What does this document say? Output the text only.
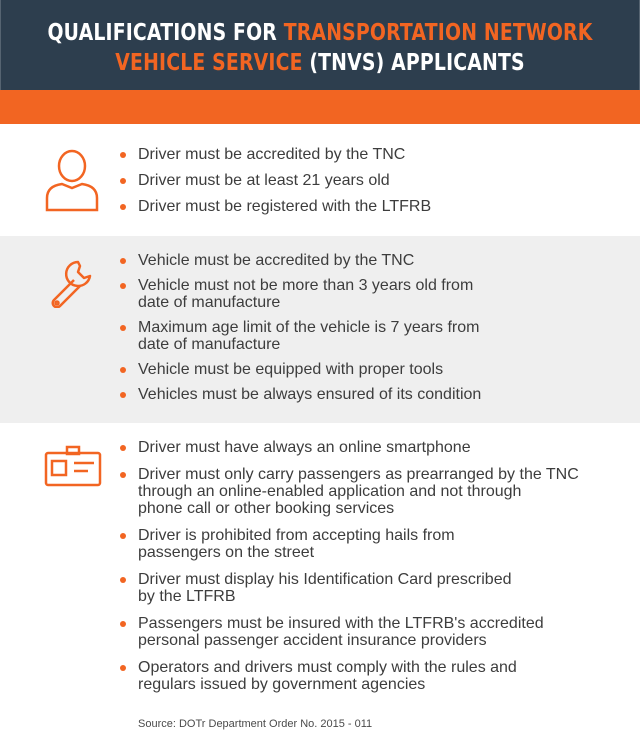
QUALIFICATIONS FOR TRANSPORTATION NETWORK
VEHICLE SERVICE (TNVS) APPLICANTS
Driver must be accredited by the TNC
Driver must be at least 21 years old
Driver must be registered with the LTFRB
Vehicle must be accredited by the TNC
Vehicle must not be more than 3 years old from
date of manufacture
Maximum age limit of the vehicle is 7 years from
date of manufacture
Vehicle must be equipped with proper tools
Vehicles must be always ensured of its condition
Driver must have always an online smartphone
Driver must only carry passengers as prearranged by the TNC
through an online-enabled application and not through
phone call or other booking services
Driver is prohibited from accepting hails from
passengers on the street
Driver must display his Identification Card prescribed
by the LTFRB
Passengers must be insured with the LTFRB's accredited
personal passenger accident insurance providers
Operators and drivers must comply with the rules and
regulars issued by government agencies
Source: DOTr Department Order No. 2015 - 011
